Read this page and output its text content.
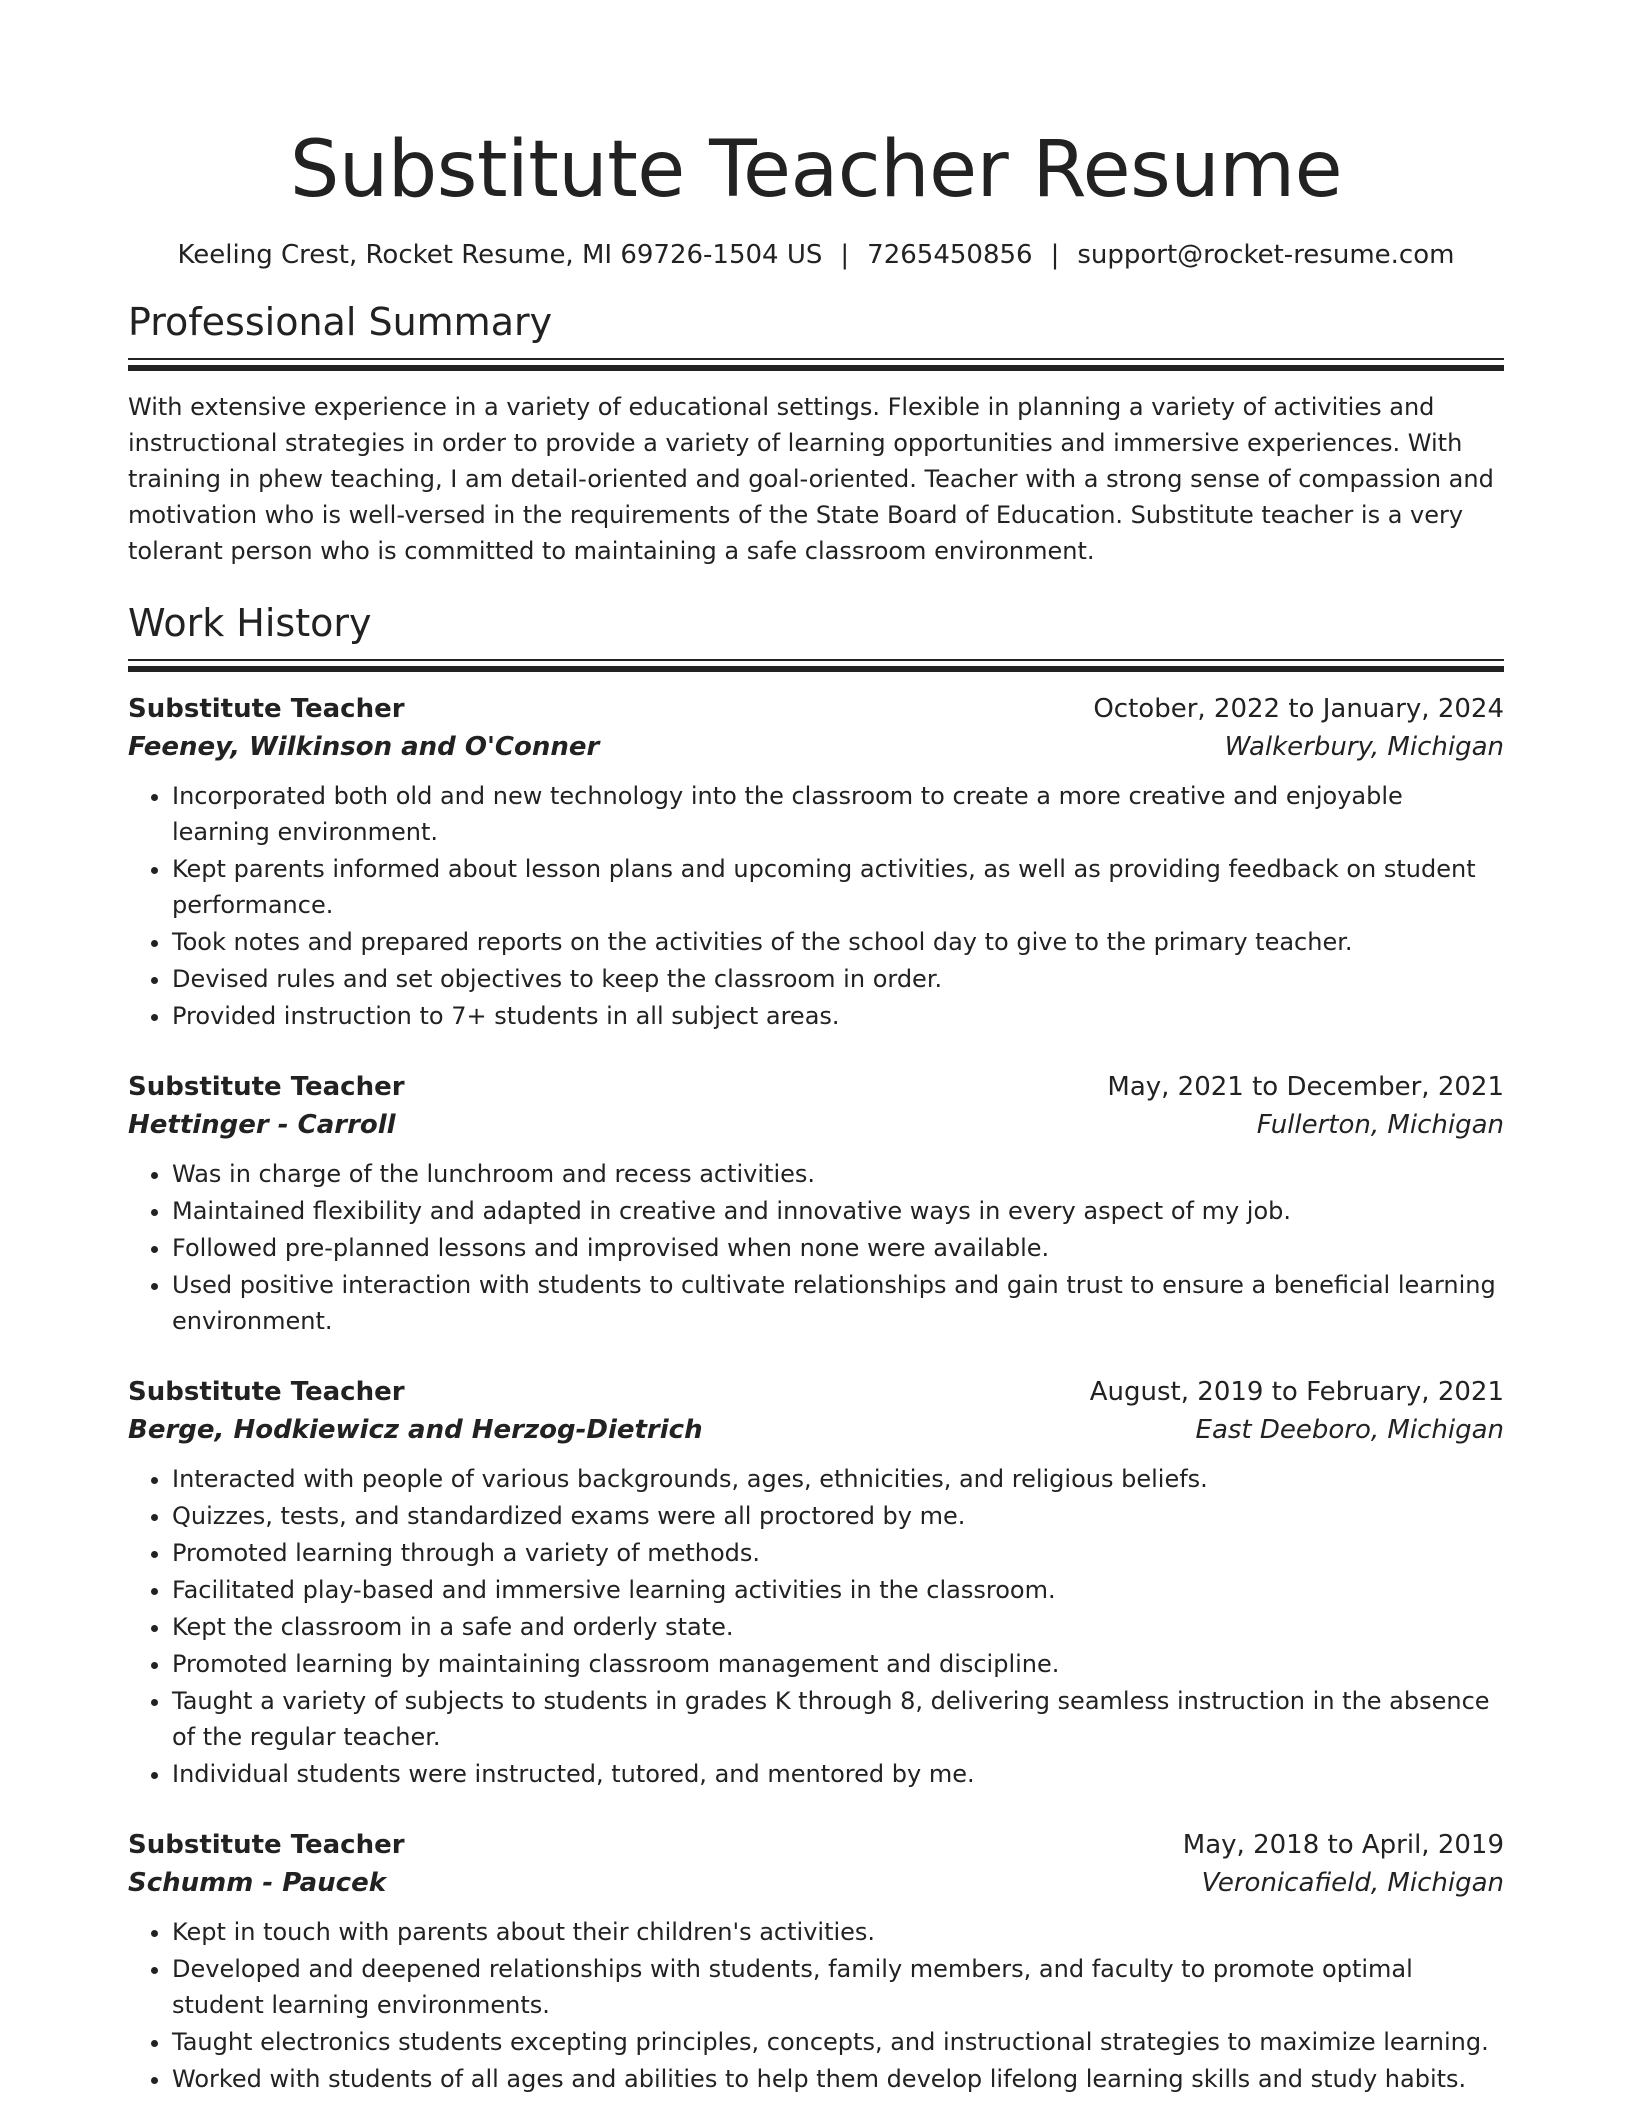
Substitute Teacher Resume
Keeling Crest, Rocket Resume, MI 69726-1504 US | 7265450856 | support@rocket-resume.com
Professional Summary

With extensive experience in a variety of educational settings. Flexible in planning a variety of activities and instructional strategies in order to provide a variety of learning opportunities and immersive experiences. With training in phew teaching, I am detail-oriented and goal-oriented. Teacher with a strong sense of compassion and motivation who is well-versed in the requirements of the State Board of Education. Substitute teacher is a very tolerant person who is committed to maintaining a safe classroom environment.

Work History
Substitute Teacher	October, 2022 to January, 2024
Feeney, Wilkinson and O'Conner	Walkerbury, Michigan
• Incorporated both old and new technology into the classroom to create a more creative and enjoyable learning environment.
• Kept parents informed about lesson plans and upcoming activities, as well as providing feedback on student performance.
• Took notes and prepared reports on the activities of the school day to give to the primary teacher.
• Devised rules and set objectives to keep the classroom in order.
• Provided instruction to 7+ students in all subject areas.
Substitute Teacher	May, 2021 to December, 2021
Hettinger - Carroll	Fullerton, Michigan
• Was in charge of the lunchroom and recess activities.
• Maintained flexibility and adapted in creative and innovative ways in every aspect of my job.
• Followed pre-planned lessons and improvised when none were available.
• Used positive interaction with students to cultivate relationships and gain trust to ensure a beneficial learning environment.
Substitute Teacher	August, 2019 to February, 2021
Berge, Hodkiewicz and Herzog-Dietrich	East Deeboro, Michigan
• Interacted with people of various backgrounds, ages, ethnicities, and religious beliefs.
• Quizzes, tests, and standardized exams were all proctored by me.
• Promoted learning through a variety of methods.
• Facilitated play-based and immersive learning activities in the classroom.
• Kept the classroom in a safe and orderly state.
• Promoted learning by maintaining classroom management and discipline.
• Taught a variety of subjects to students in grades K through 8, delivering seamless instruction in the absence of the regular teacher.
• Individual students were instructed, tutored, and mentored by me.
Substitute Teacher	May, 2018 to April, 2019
Schumm - Paucek	Veronicafield, Michigan
• Kept in touch with parents about their children's activities.
• Developed and deepened relationships with students, family members, and faculty to promote optimal student learning environments.
• Taught electronics students excepting principles, concepts, and instructional strategies to maximize learning.
• Worked with students of all ages and abilities to help them develop lifelong learning skills and study habits.
